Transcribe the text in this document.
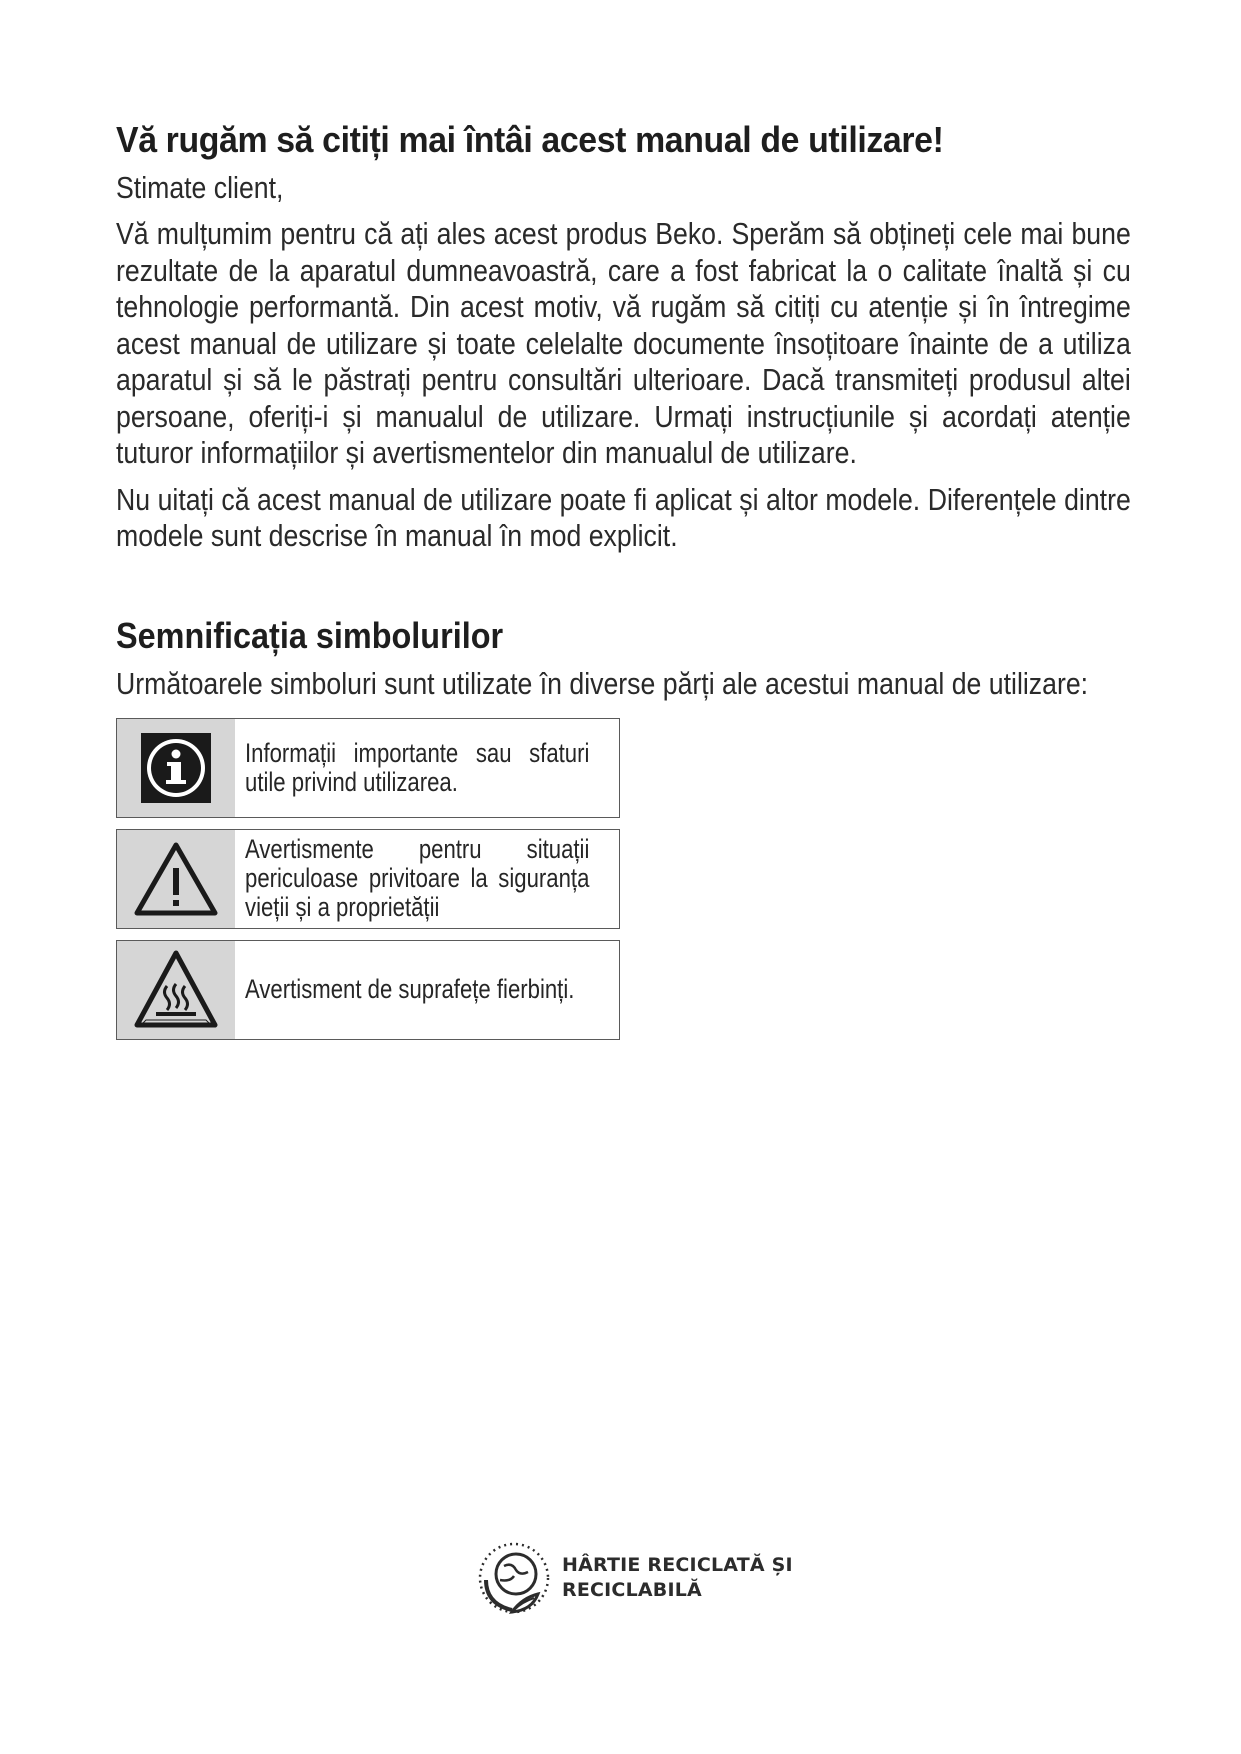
Vă rugăm să citiți mai întâi acest manual de utilizare!

Stimate client,

Vă mulțumim pentru că ați ales acest produs Beko. Sperăm să obțineți cele mai bune rezultate de la aparatul dumneavoastră, care a fost fabricat la o calitate înaltă și cu tehnologie performantă. Din acest motiv, vă rugăm să citiți cu atenție și în întregime acest manual de utilizare și toate celelalte documente însoțitoare înainte de a utiliza aparatul și să le păstrați pentru consultări ulterioare. Dacă transmiteți produsul altei persoane, oferiți-i și manualul de utilizare. Urmați instrucțiunile și acordați atenție tuturor informațiilor și avertismentelor din manualul de utilizare.

Nu uitați că acest manual de utilizare poate fi aplicat și altor modele. Diferențele dintre modele sunt descrise în manual în mod explicit.

Semnificația simbolurilor

Următoarele simboluri sunt utilizate în diverse părți ale acestui manual de utilizare:

Informații importante sau sfaturi utile privind utilizarea.
Avertismente pentru situații periculoase privitoare la siguranța vieții și a proprietății
Avertisment de suprafețe fierbinți.
HÂRTIE RECICLATĂ ȘI
RECICLABILĂ
